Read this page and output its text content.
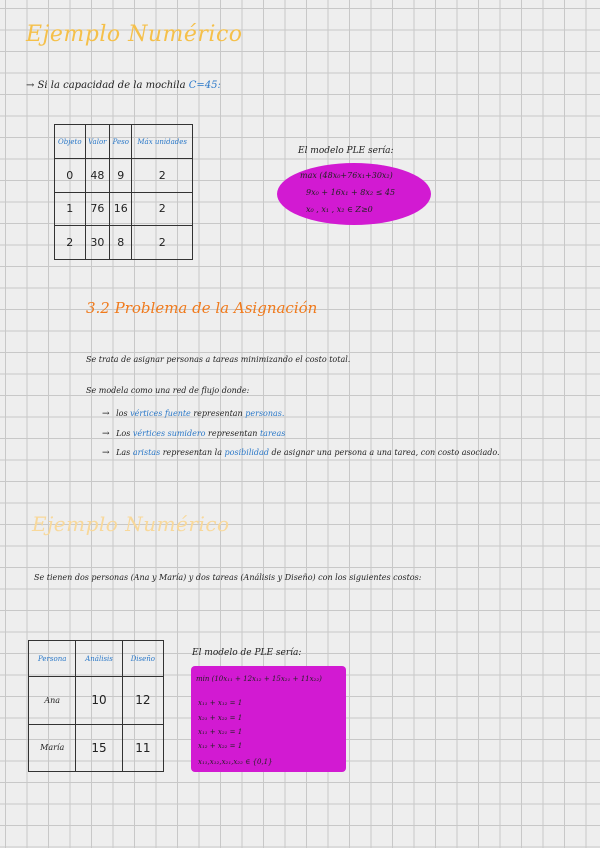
Ejemplo Numérico
→ Si la capacidad de la mochila C=45:
Objeto	Valor	Peso	Máx unidades
0	48	9	2
1	76	16	2
2	30	8	2
El modelo PLE sería:
max (48x₀+76x₁+30x₂)
9x₀ + 16x₁ + 8x₂ ≤ 45
x₀ , x₁ , x₂ ∈ Z≥0
3.2 Problema de la Asignación
Se trata de asignar personas a tareas minimizando el costo total.
Se modela como una red de flujo donde:
→ los vértices fuente representan personas.
→ Los vértices sumidero representan tareas
→ Las aristas representan la posibilidad de asignar una persona a una tarea, con costo asociado.
Ejemplo Numérico
Se tienen dos personas (Ana y María) y dos tareas (Análisis y Diseño) con los siguientes costos:
Persona	Análisis	Diseño
Ana	10	12
María	15	11
El modelo de PLE sería:
min (10x₁₁ + 12x₁₂ + 15x₂₁ + 11x₂₂)
x₁₁ + x₁₂ = 1
x₂₁ + x₂₂ = 1
x₁₁ + x₂₁ = 1
x₁₂ + x₂₂ = 1
x₁₁,x₁₂,x₂₁,x₂₂ ∈ {0,1}
